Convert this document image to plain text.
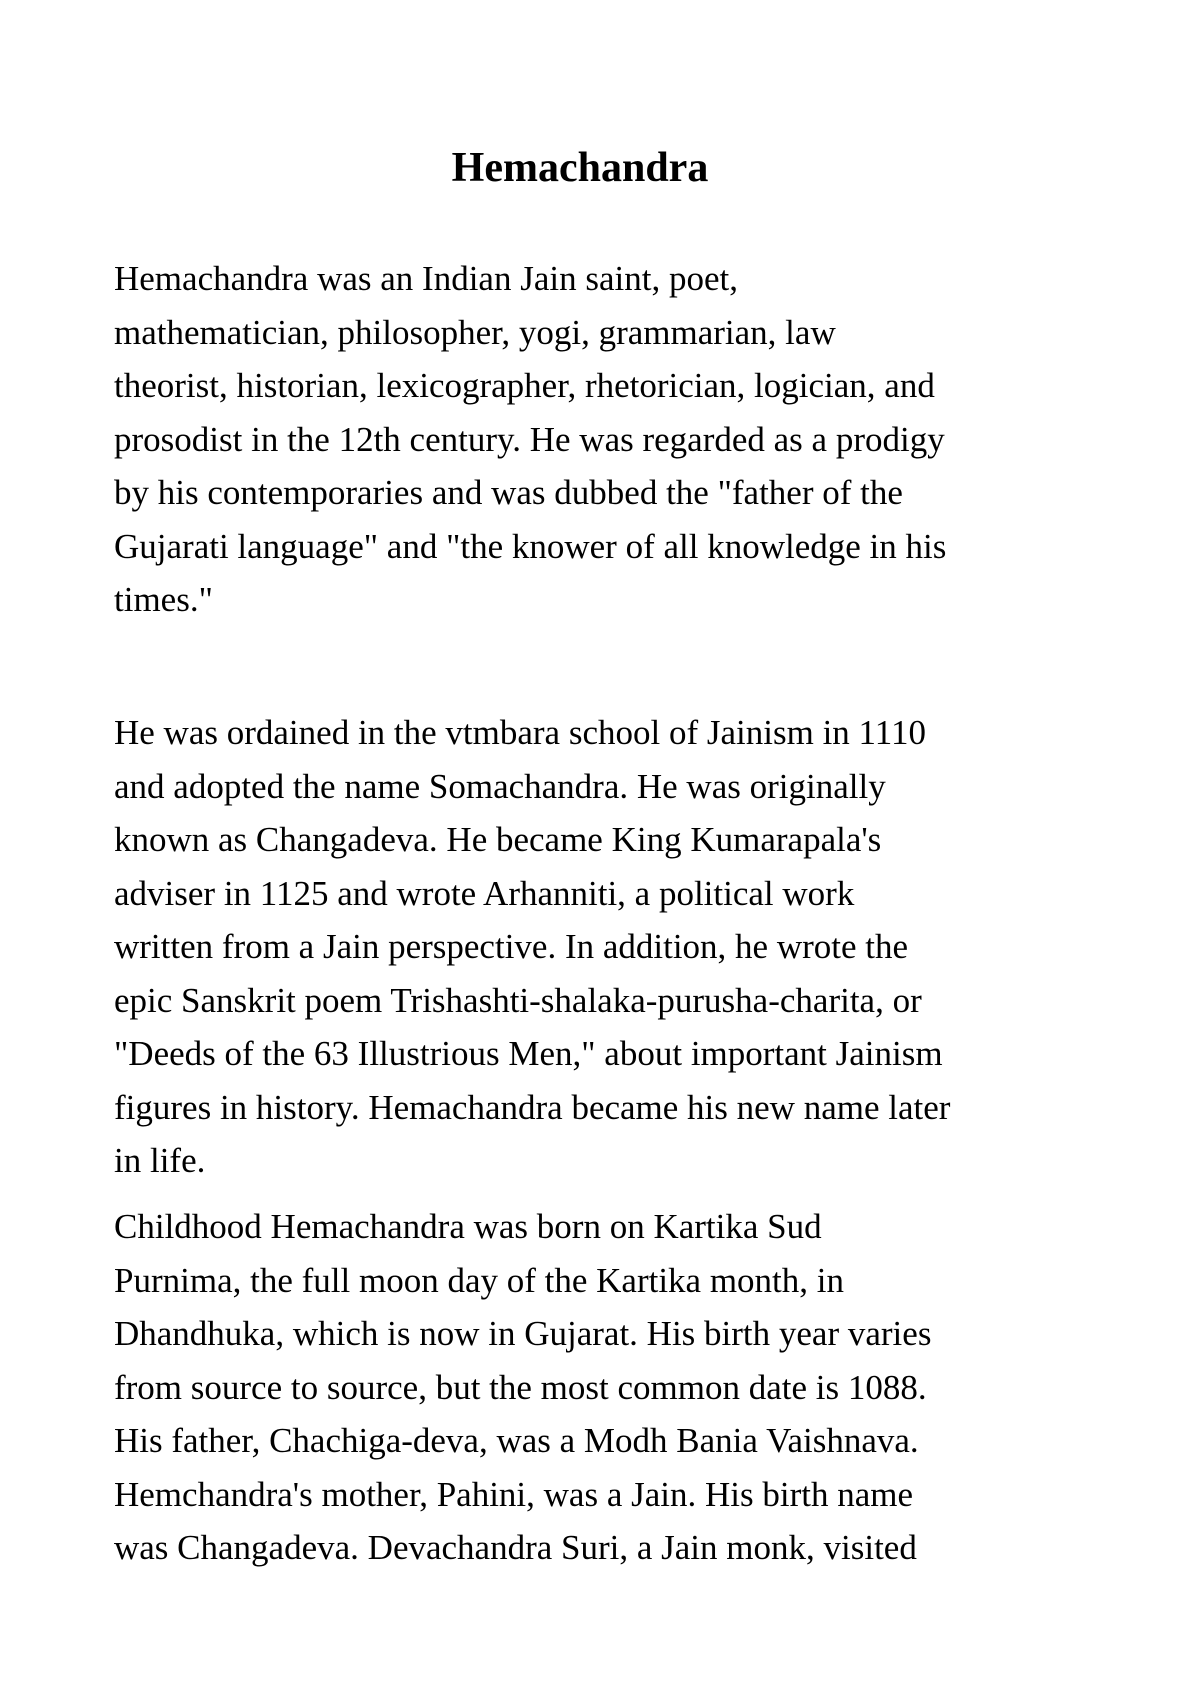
Hemachandra

Hemachandra was an Indian Jain saint, poet,
mathematician, philosopher, yogi, grammarian, law
theorist, historian, lexicographer, rhetorician, logician, and
prosodist in the 12th century. He was regarded as a prodigy
by his contemporaries and was dubbed the "father of the
Gujarati language" and "the knower of all knowledge in his
times."

He was ordained in the vtmbara school of Jainism in 1110
and adopted the name Somachandra. He was originally
known as Changadeva. He became King Kumarapala's
adviser in 1125 and wrote Arhanniti, a political work
written from a Jain perspective. In addition, he wrote the
epic Sanskrit poem Trishashti-shalaka-purusha-charita, or
"Deeds of the 63 Illustrious Men," about important Jainism
figures in history. Hemachandra became his new name later
in life.

Childhood Hemachandra was born on Kartika Sud
Purnima, the full moon day of the Kartika month, in
Dhandhuka, which is now in Gujarat. His birth year varies
from source to source, but the most common date is 1088.
His father, Chachiga-deva, was a Modh Bania Vaishnava.
Hemchandra's mother, Pahini, was a Jain. His birth name
was Changadeva. Devachandra Suri, a Jain monk, visited
